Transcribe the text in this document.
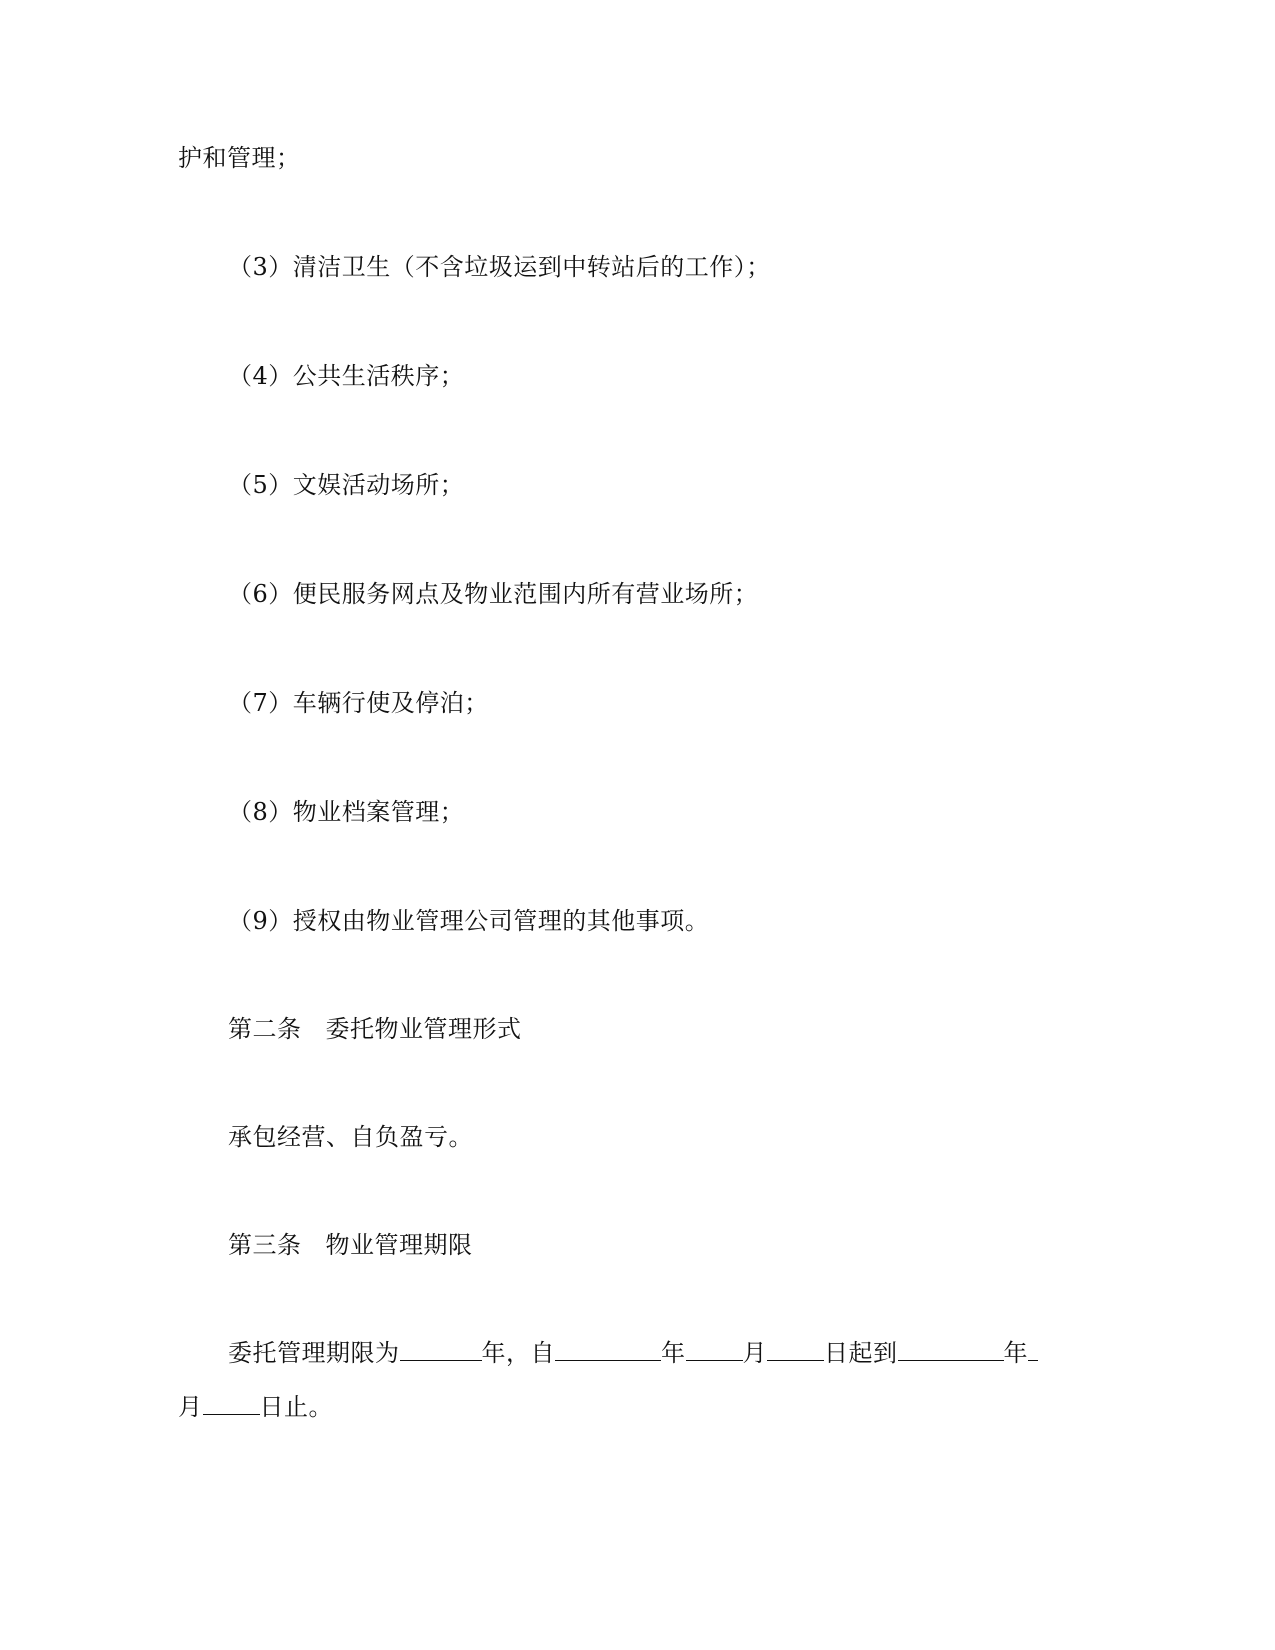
护和管理；
（3）清洁卫生（不含垃圾运到中转站后的工作）；
（4）公共生活秩序；
（5）文娱活动场所；
（6）便民服务网点及物业范围内所有营业场所；
（7）车辆行使及停泊；
（8）物业档案管理；
（9）授权由物业管理公司管理的其他事项。
第二条 委托物业管理形式
承包经营、自负盈亏。
第三条 物业管理期限
委托管理期限为	年，自	年 月 日起到	年
月 日止。
